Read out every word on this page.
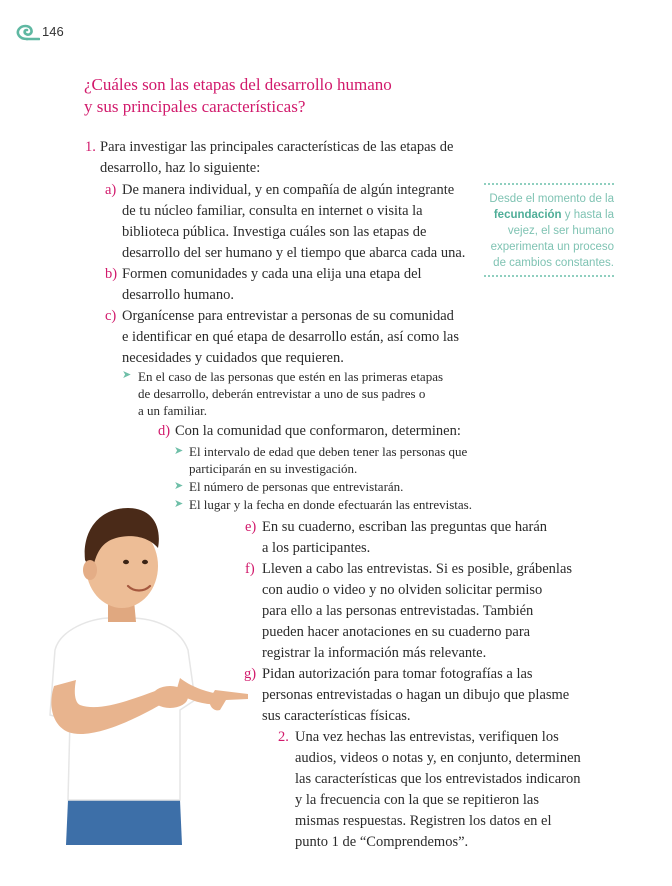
146
¿Cuáles son las etapas del desarrollo humano
y sus principales características?
Desde el momento de la fecundación y hasta la vejez, el ser humano experimenta un proceso de cambios constantes.
1. Para investigar las principales características de las etapas de
desarrollo, haz lo siguiente:
a) De manera individual, y en compañía de algún integrante
de tu núcleo familiar, consulta en internet o visita la
biblioteca pública. Investiga cuáles son las etapas de
desarrollo del ser humano y el tiempo que abarca cada una.
b) Formen comunidades y cada una elija una etapa del
desarrollo humano.
c) Organícense para entrevistar a personas de su comunidad
e identificar en qué etapa de desarrollo están, así como las
necesidades y cuidados que requieren.
➤ En el caso de las personas que estén en las primeras etapas
de desarrollo, deberán entrevistar a uno de sus padres o
a un familiar.
d) Con la comunidad que conformaron, determinen:
➤ El intervalo de edad que deben tener las personas que
participarán en su investigación.
➤ El número de personas que entrevistarán.
➤ El lugar y la fecha en donde efectuarán las entrevistas.
e) En su cuaderno, escriban las preguntas que harán
a los participantes.
f) Lleven a cabo las entrevistas. Si es posible, grábenlas
con audio o video y no olviden solicitar permiso
para ello a las personas entrevistadas. También
pueden hacer anotaciones en su cuaderno para
registrar la información más relevante.
g) Pidan autorización para tomar fotografías a las
personas entrevistadas o hagan un dibujo que plasme
sus características físicas.
2. Una vez hechas las entrevistas, verifiquen los
audios, videos o notas y, en conjunto, determinen
las características que los entrevistados indicaron
y la frecuencia con la que se repitieron las
mismas respuestas. Registren los datos en el
punto 1 de “Comprendemos”.
